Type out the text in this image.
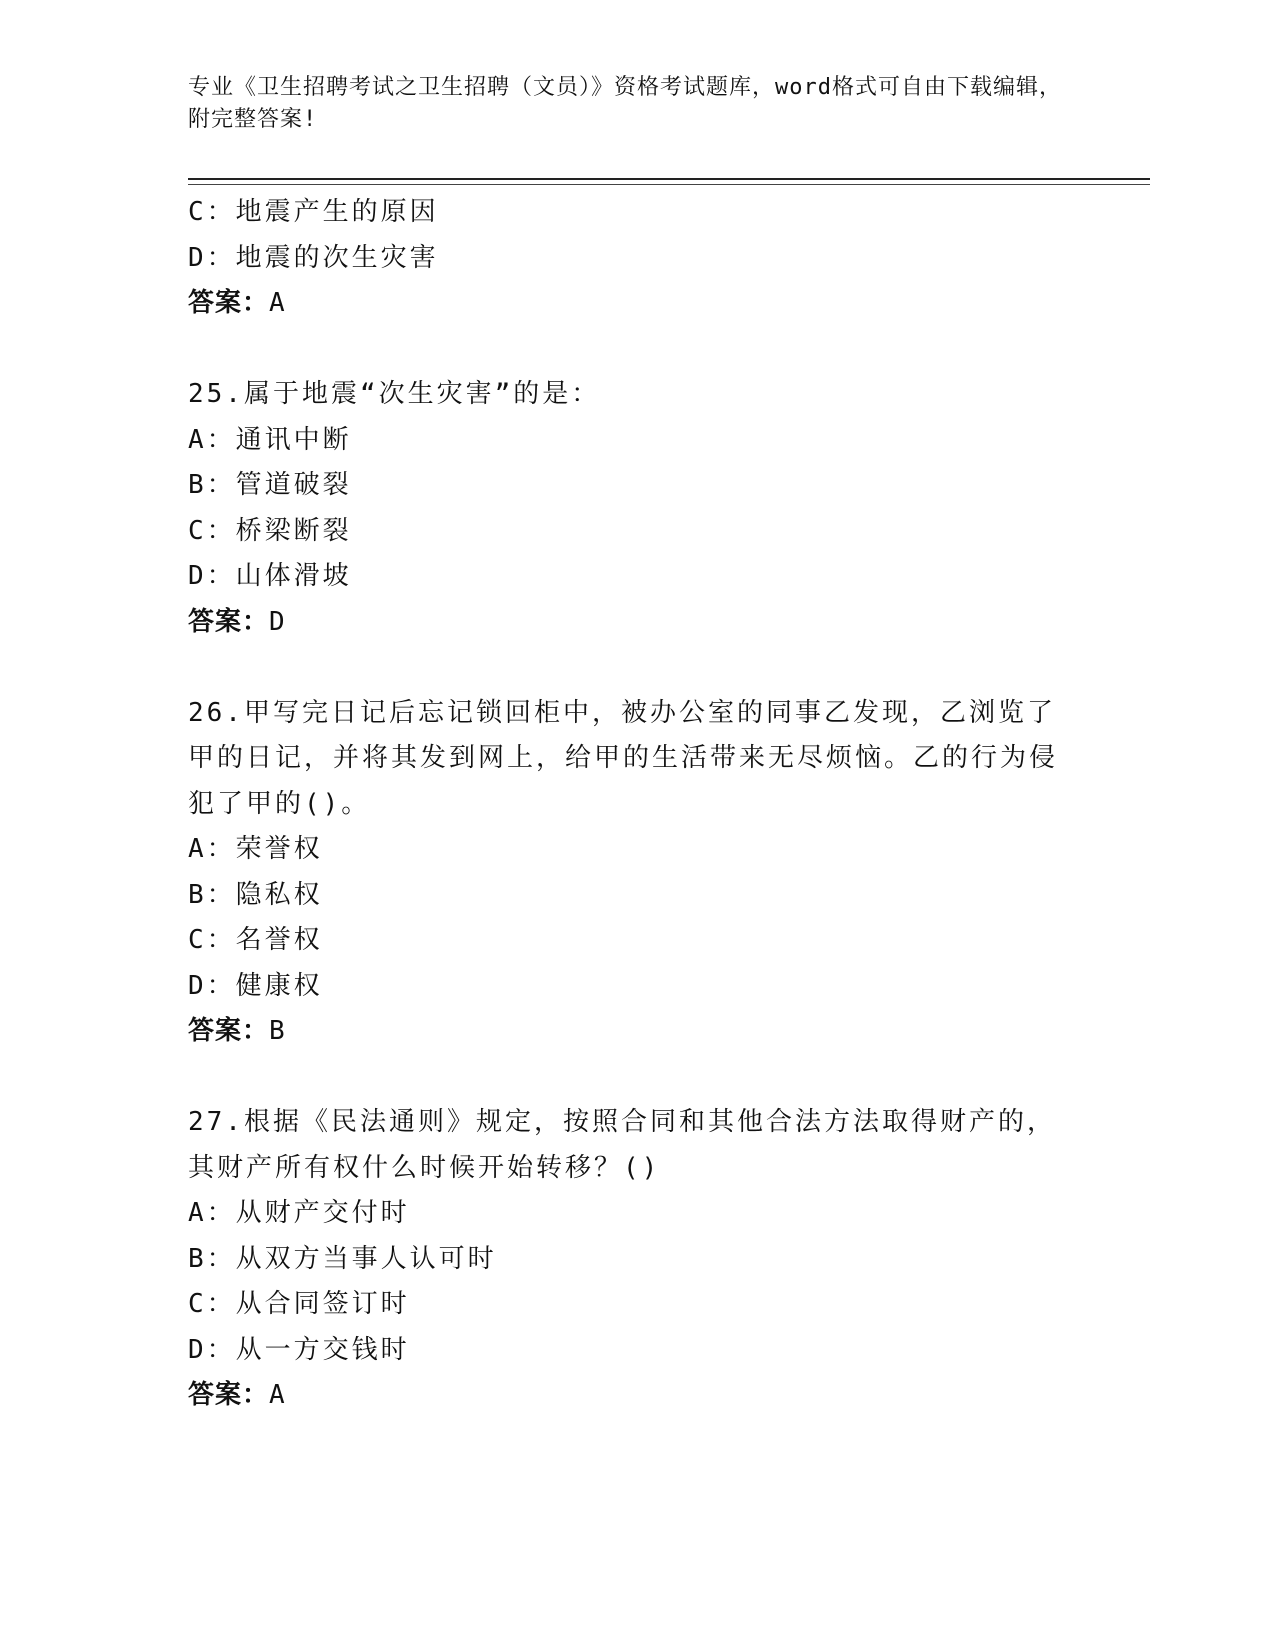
专业《卫生招聘考试之卫生招聘（文员）》资格考试题库，word格式可自由下载编辑，附完整答案!
C：地震产生的原因
D：地震的次生灾害
答案：A
25.属于地震“次生灾害”的是：
A：通讯中断
B：管道破裂
C：桥梁断裂
D：山体滑坡
答案：D
26.甲写完日记后忘记锁回柜中，被办公室的同事乙发现，乙浏览了甲的日记，并将其发到网上，给甲的生活带来无尽烦恼。乙的行为侵犯了甲的()。
A：荣誉权
B：隐私权
C：名誉权
D：健康权
答案：B
27.根据《民法通则》规定，按照合同和其他合法方法取得财产的，其财产所有权什么时候开始转移？()
A：从财产交付时
B：从双方当事人认可时
C：从合同签订时
D：从一方交钱时
答案：A
